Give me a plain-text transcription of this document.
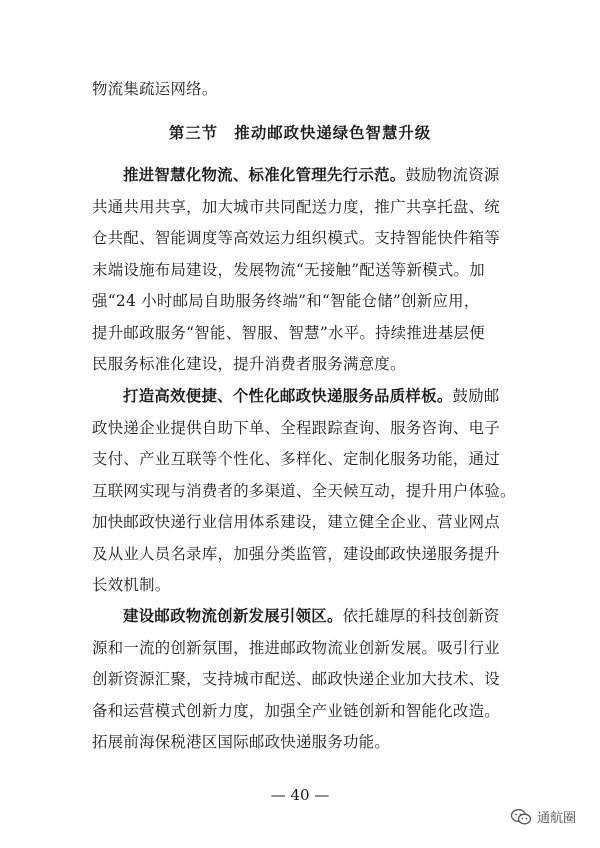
物流集疏运网络。
第三节　推动邮政快递绿色智慧升级
推进智慧化物流、标准化管理先行示范。鼓励物流资源
共通共用共享，加大城市共同配送力度，推广共享托盘、统
仓共配、智能调度等高效运力组织模式。支持智能快件箱等
末端设施布局建设，发展物流“无接触”配送等新模式。加
强“24 小时邮局自助服务终端”和“智能仓储”创新应用，
提升邮政服务“智能、智服、智慧”水平。持续推进基层便
民服务标准化建设，提升消费者服务满意度。
打造高效便捷、个性化邮政快递服务品质样板。鼓励邮
政快递企业提供自助下单、全程跟踪查询、服务咨询、电子
支付、产业互联等个性化、多样化、定制化服务功能，通过
互联网实现与消费者的多渠道、全天候互动，提升用户体验。
加快邮政快递行业信用体系建设，建立健全企业、营业网点
及从业人员名录库，加强分类监管，建设邮政快递服务提升
长效机制。
建设邮政物流创新发展引领区。依托雄厚的科技创新资
源和一流的创新氛围，推进邮政物流业创新发展。吸引行业
创新资源汇聚，支持城市配送、邮政快递企业加大技术、设
备和运营模式创新力度，加强全产业链创新和智能化改造。
拓展前海保税港区国际邮政快递服务功能。
— 40 —
通航圈
